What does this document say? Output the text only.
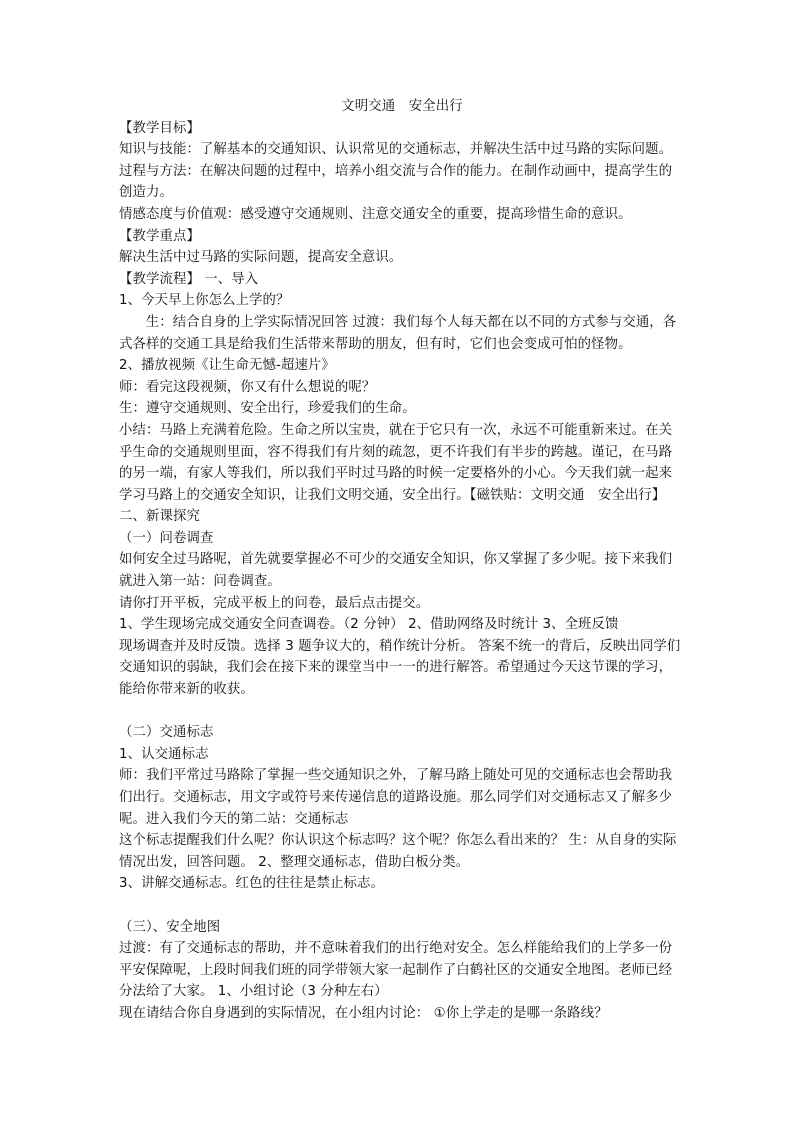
文明交通　安全出行

【教学目标】

知识与技能：了解基本的交通知识、认识常见的交通标志，并解决生活中过马路的实际问题。

过程与方法：在解决问题的过程中，培养小组交流与合作的能力。在制作动画中，提高学生的创造力。

情感态度与价值观：感受遵守交通规则、注意交通安全的重要，提高珍惜生命的意识。

【教学重点】

解决生活中过马路的实际问题，提高安全意识。

【教学流程】 一、导入

1、今天早上你怎么上学的？

生：结合自身的上学实际情况回答 过渡：我们每个人每天都在以不同的方式参与交通，各式各样的交通工具是给我们生活带来帮助的朋友，但有时，它们也会变成可怕的怪物。

2、播放视频《让生命无憾-超速片》

师：看完这段视频，你又有什么想说的呢？

生：遵守交通规则、安全出行，珍爱我们的生命。

小结：马路上充满着危险。生命之所以宝贵，就在于它只有一次，永远不可能重新来过。在关乎生命的交通规则里面，容不得我们有片刻的疏忽，更不许我们有半步的跨越。谨记，在马路的另一端，有家人等我们，所以我们平时过马路的时候一定要格外的小心。今天我们就一起来学习马路上的交通安全知识，让我们文明交通，安全出行。【磁铁贴：文明交通　安全出行】

二、新课探究

（一）问卷调查

如何安全过马路呢，首先就要掌握必不可少的交通安全知识，你又掌握了多少呢。接下来我们就进入第一站：问卷调查。

请你打开平板，完成平板上的问卷，最后点击提交。

1、学生现场完成交通安全问查调卷。（2 分钟） 2、借助网络及时统计 3、全班反馈

现场调查并及时反馈。选择 3 题争议大的，稍作统计分析。 答案不统一的背后，反映出同学们交通知识的弱缺，我们会在接下来的课堂当中一一的进行解答。希望通过今天这节课的学习，能给你带来新的收获。

（二）交通标志

1、认交通标志

师：我们平常过马路除了掌握一些交通知识之外，了解马路上随处可见的交通标志也会帮助我们出行。交通标志，用文字或符号来传递信息的道路设施。那么同学们对交通标志又了解多少呢。进入我们今天的第二站：交通标志

这个标志提醒我们什么呢？你认识这个标志吗？这个呢？你怎么看出来的？ 生：从自身的实际情况出发，回答问题。 2、整理交通标志，借助白板分类。

3、讲解交通标志。红色的往往是禁止标志。

（三）、安全地图

过渡：有了交通标志的帮助，并不意味着我们的出行绝对安全。怎么样能给我们的上学多一份平安保障呢，上段时间我们班的同学带领大家一起制作了白鹤社区的交通安全地图。老师已经分法给了大家。 1、小组讨论（3 分种左右）

现在请结合你自身遇到的实际情况，在小组内讨论： ①你上学走的是哪一条路线？
